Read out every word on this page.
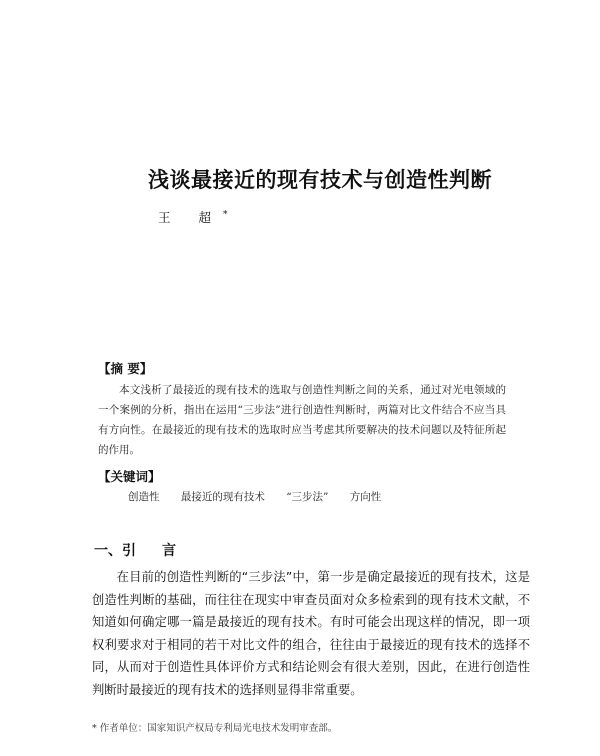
浅谈最接近的现有技术与创造性判断
王 超*
【摘 要】
本文浅析了最接近的现有技术的选取与创造性判断之间的关系，通过对光电领域的一个案例的分析，指出在运用“三步法”进行创造性判断时，两篇对比文件结合不应当具有方向性。在最接近的现有技术的选取时应当考虑其所要解决的技术问题以及特征所起的作用。
【关键词】
创造性 最接近的现有技术 “三步法” 方向性
一、引 言
在目前的创造性判断的“三步法”中，第一步是确定最接近的现有技术，这是创造性判断的基础，而往往在现实中审查员面对众多检索到的现有技术文献，不知道如何确定哪一篇是最接近的现有技术。有时可能会出现这样的情况，即一项权利要求对于相同的若干对比文件的组合，往往由于最接近的现有技术的选择不同，从而对于创造性具体评价方式和结论则会有很大差别，因此，在进行创造性判断时最接近的现有技术的选择则显得非常重要。
* 作者单位：国家知识产权局专利局光电技术发明审查部。
